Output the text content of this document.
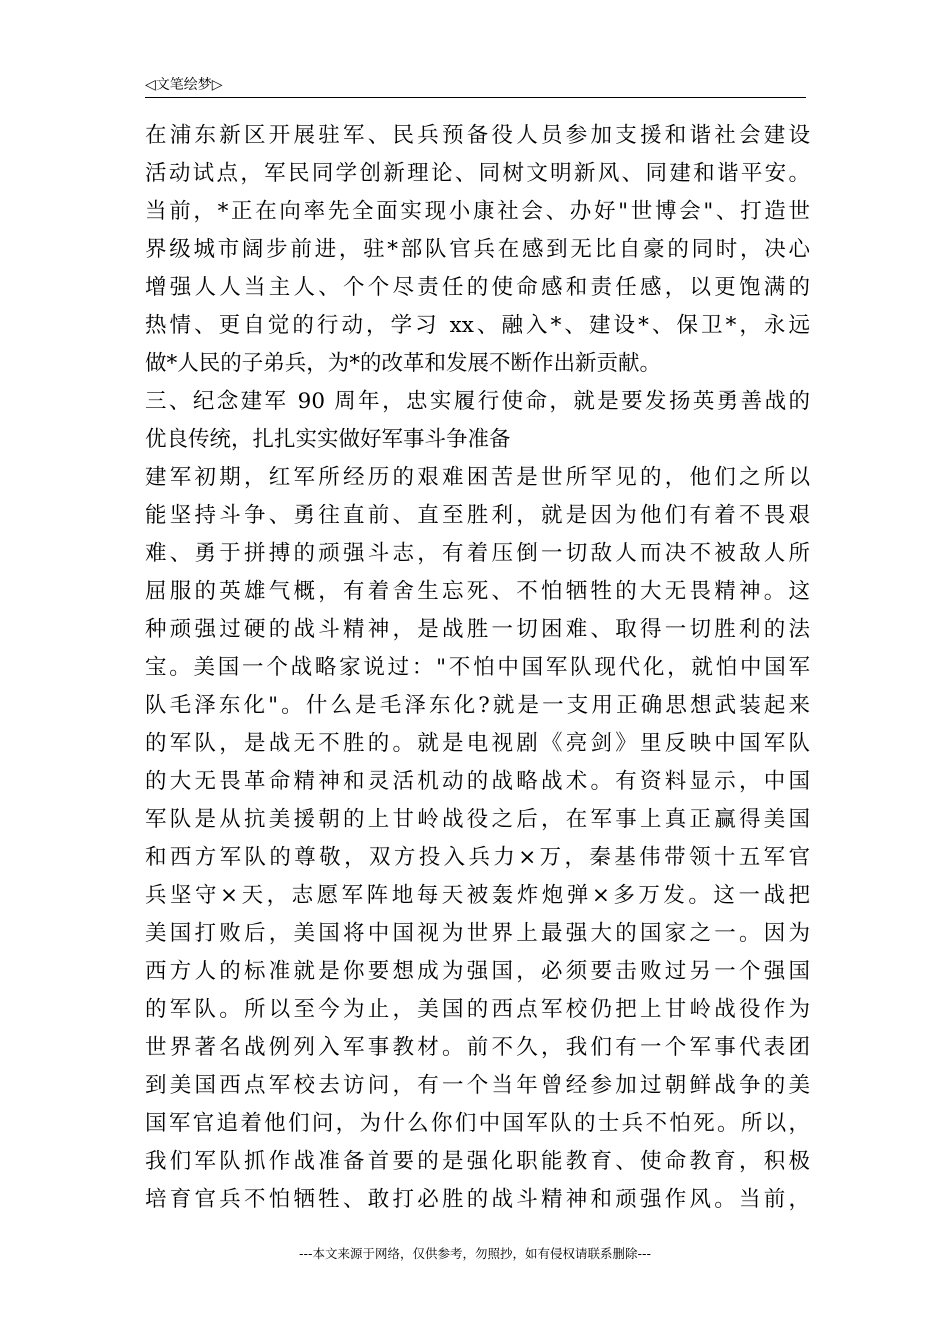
◁文笔绘梦▷
在浦东新区开展驻军、民兵预备役人员参加支援和谐社会建设
活动试点，军民同学创新理论、同树文明新风、同建和谐平安。
当前，*正在向率先全面实现小康社会、办好"世博会"、打造世
界级城市阔步前进，驻*部队官兵在感到无比自豪的同时，决心
增强人人当主人、个个尽责任的使命感和责任感，以更饱满的
热情、更自觉的行动，学习 xx、融入*、建设*、保卫*，永远
做*人民的子弟兵，为*的改革和发展不断作出新贡献。
三、纪念建军 90 周年，忠实履行使命，就是要发扬英勇善战的
优良传统，扎扎实实做好军事斗争准备
建军初期，红军所经历的艰难困苦是世所罕见的，他们之所以
能坚持斗争、勇往直前、直至胜利，就是因为他们有着不畏艰
难、勇于拼搏的顽强斗志，有着压倒一切敌人而决不被敌人所
屈服的英雄气概，有着舍生忘死、不怕牺牲的大无畏精神。这
种顽强过硬的战斗精神，是战胜一切困难、取得一切胜利的法
宝。美国一个战略家说过："不怕中国军队现代化，就怕中国军
队毛泽东化"。什么是毛泽东化?就是一支用正确思想武装起来
的军队，是战无不胜的。就是电视剧《亮剑》里反映中国军队
的大无畏革命精神和灵活机动的战略战术。有资料显示，中国
军队是从抗美援朝的上甘岭战役之后，在军事上真正赢得美国
和西方军队的尊敬，双方投入兵力×万，秦基伟带领十五军官
兵坚守×天，志愿军阵地每天被轰炸炮弹×多万发。这一战把
美国打败后，美国将中国视为世界上最强大的国家之一。因为
西方人的标准就是你要想成为强国，必须要击败过另一个强国
的军队。所以至今为止，美国的西点军校仍把上甘岭战役作为
世界著名战例列入军事教材。前不久，我们有一个军事代表团
到美国西点军校去访问，有一个当年曾经参加过朝鲜战争的美
国军官追着他们问，为什么你们中国军队的士兵不怕死。所以，
我们军队抓作战准备首要的是强化职能教育、使命教育，积极
培育官兵不怕牺牲、敢打必胜的战斗精神和顽强作风。当前，
---本文来源于网络，仅供参考，勿照抄，如有侵权请联系删除---
